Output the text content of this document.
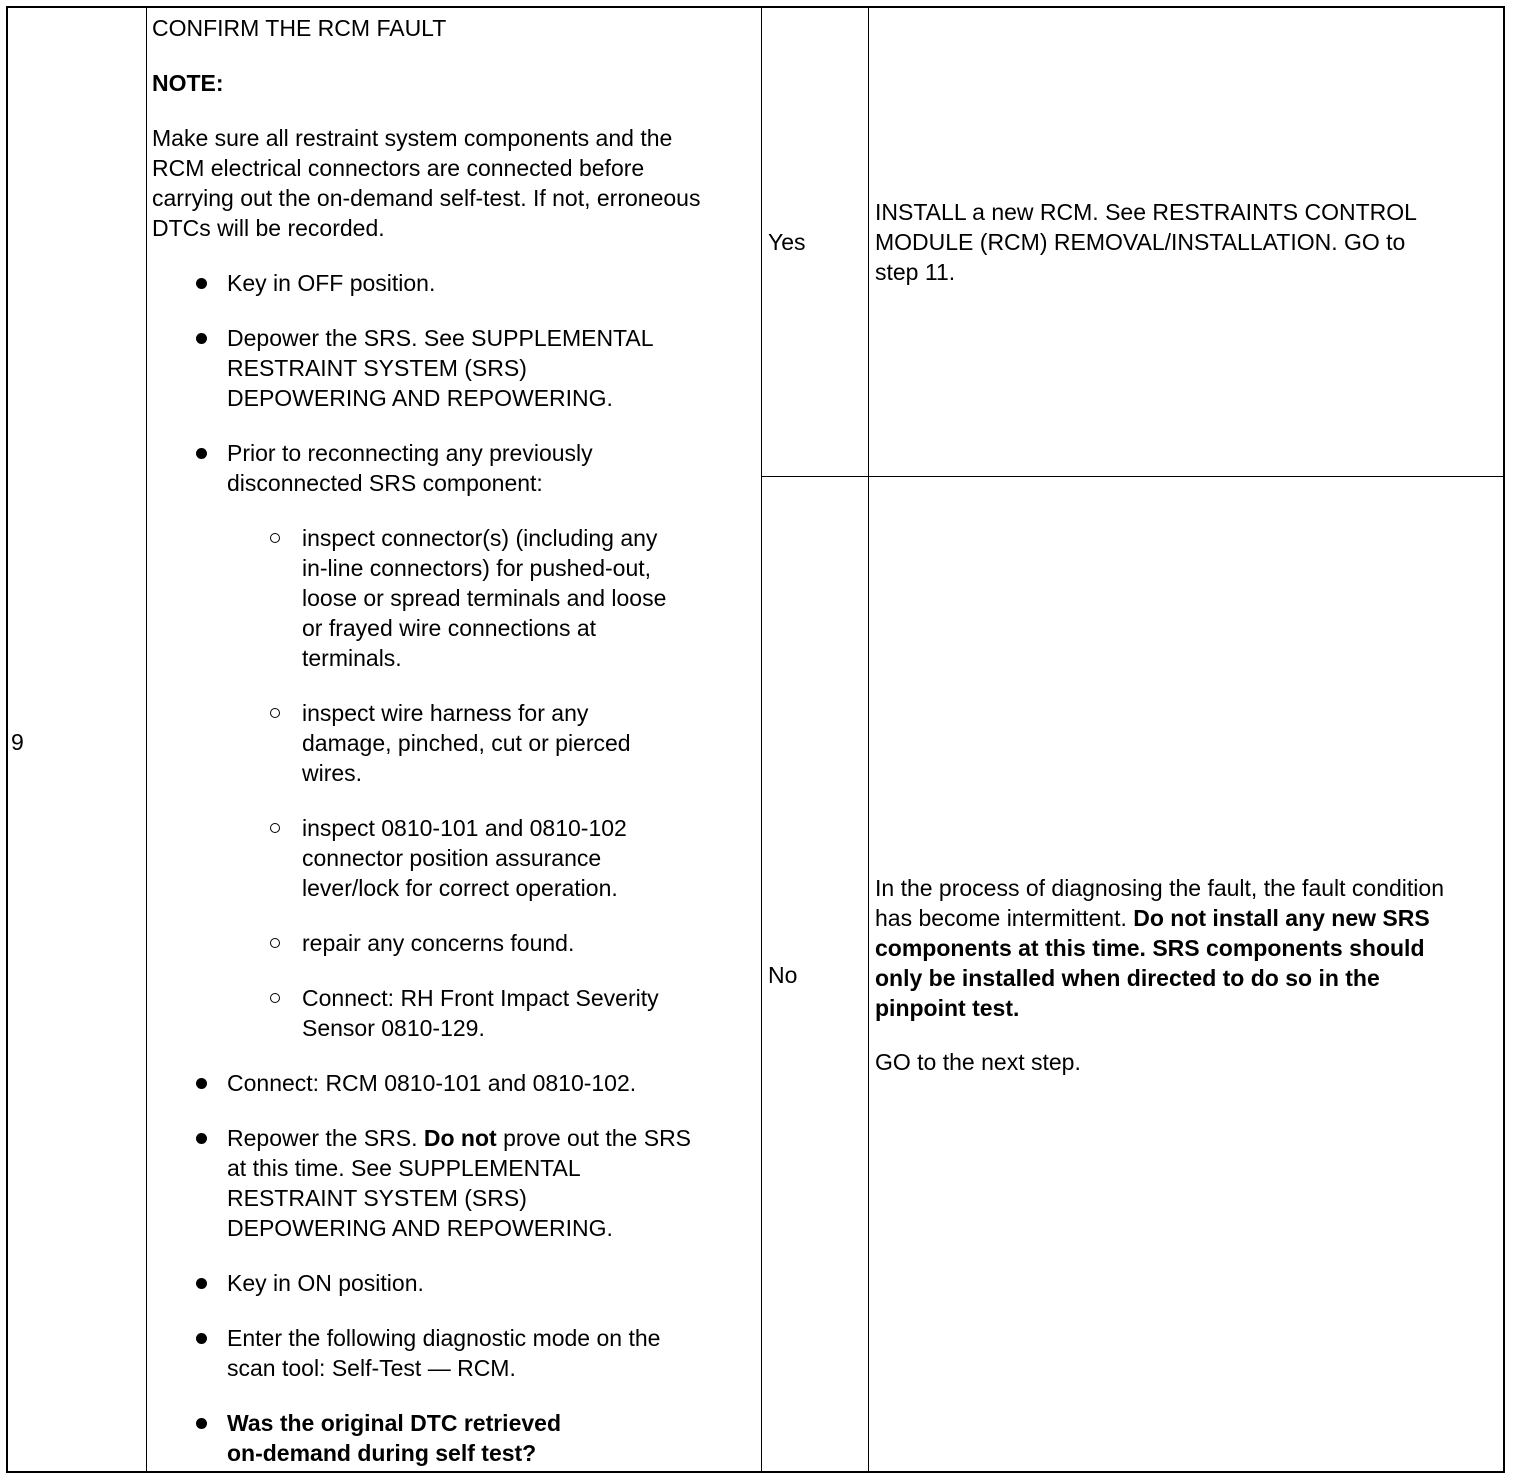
9
CONFIRM THE RCM FAULT
NOTE:
Make sure all restraint system components and the
RCM electrical connectors are connected before
carrying out the on-demand self-test. If not, erroneous
DTCs will be recorded.
Key in OFF position.
Depower the SRS. See SUPPLEMENTAL
RESTRAINT SYSTEM (SRS)
DEPOWERING AND REPOWERING.
Prior to reconnecting any previously
disconnected SRS component:
inspect connector(s) (including any
in-line connectors) for pushed-out,
loose or spread terminals and loose
or frayed wire connections at
terminals.
inspect wire harness for any
damage, pinched, cut or pierced
wires.
inspect 0810-101 and 0810-102
connector position assurance
lever/lock for correct operation.
repair any concerns found.
Connect: RH Front Impact Severity
Sensor 0810-129.
Connect: RCM 0810-101 and 0810-102.
Repower the SRS. Do not prove out the SRS
at this time. See SUPPLEMENTAL
RESTRAINT SYSTEM (SRS)
DEPOWERING AND REPOWERING.
Key in ON position.
Enter the following diagnostic mode on the
scan tool: Self-Test — RCM.
Was the original DTC retrieved
on-demand during self test?
Yes
INSTALL a new RCM. See RESTRAINTS CONTROL
MODULE (RCM) REMOVAL/INSTALLATION. GO to
step 11.
No
In the process of diagnosing the fault, the fault condition
has become intermittent. Do not install any new SRS
components at this time. SRS components should
only be installed when directed to do so in the
pinpoint test.
GO to the next step.
